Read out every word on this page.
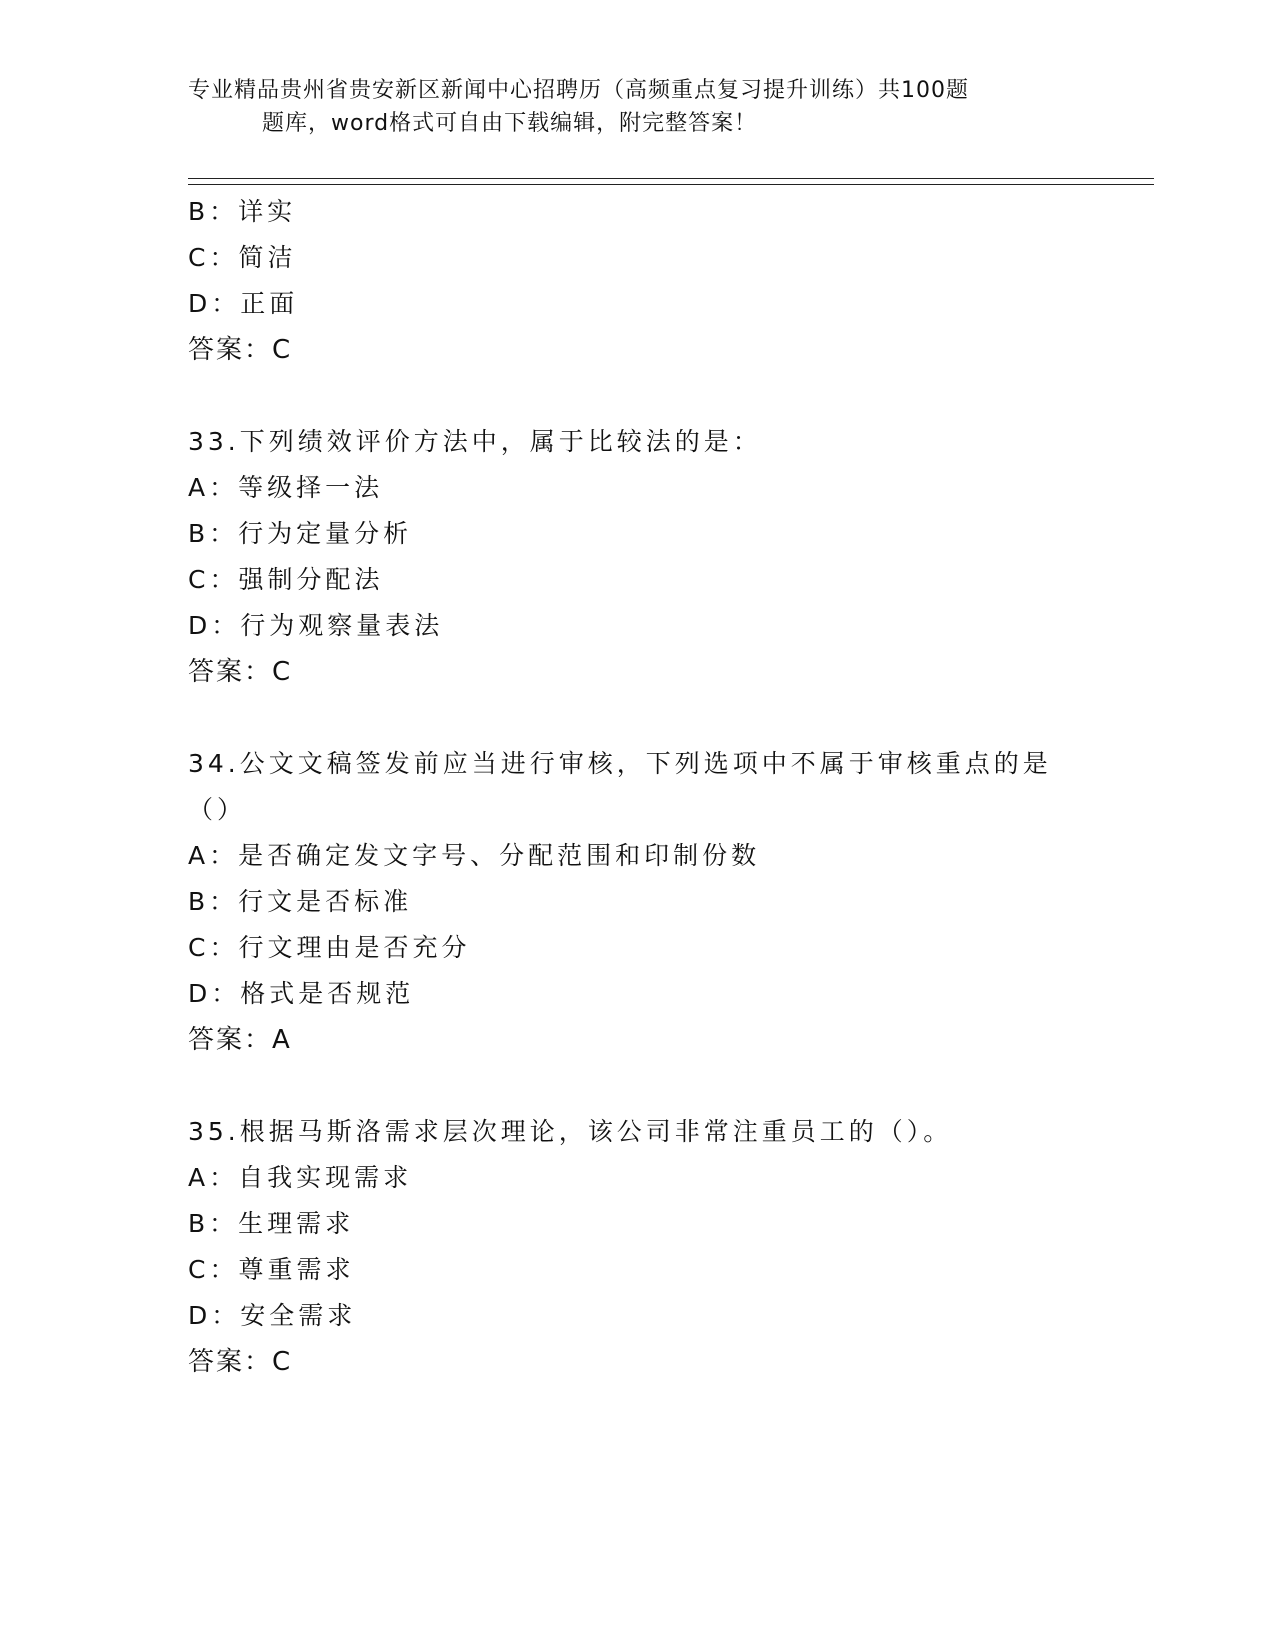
专业精品贵州省贵安新区新闻中心招聘历（高频重点复习提升训练）共100题
题库，word格式可自由下载编辑，附完整答案！
B：详实
C：简洁
D：正面
答案：C
33.下列绩效评价方法中，属于比较法的是：
A：等级择一法
B：行为定量分析
C：强制分配法
D：行为观察量表法
答案：C
34.公文文稿签发前应当进行审核，下列选项中不属于审核重点的是（）
A：是否确定发文字号、分配范围和印制份数
B：行文是否标准
C：行文理由是否充分
D：格式是否规范
答案：A
35.根据马斯洛需求层次理论，该公司非常注重员工的（）。
A：自我实现需求
B：生理需求
C：尊重需求
D：安全需求
答案：C
